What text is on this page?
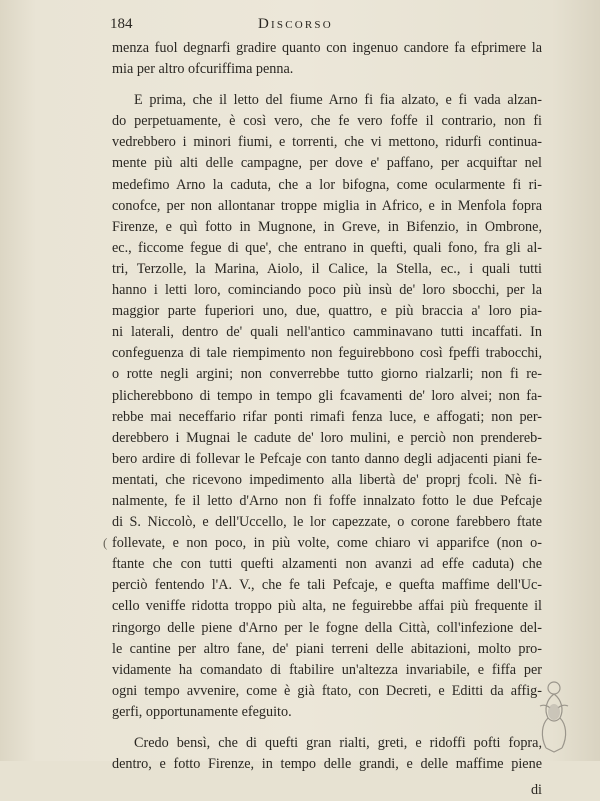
184	Discorso
menza fuol degnarfi gradire quanto con ingenuo candore fa efprimere la
mia per altro ofcuriffima penna.
E prima, che il letto del fiume Arno fi fia alzato, e fi vada alzan-
do perpetuamente, è così vero, che fe vero foffe il contrario, non fi
vedrebbero i minori fiumi, e torrenti, che vi mettono, ridurfi continua-
mente più alti delle campagne, per dove e' paffano, per acquiftar nel
medefimo Arno la caduta, che a lor bifogna, come ocularmente fi ri-
conofce, per non allontanar troppe miglia in Africo, e in Menfola fopra
Firenze, e quì fotto in Mugnone, in Greve, in Bifenzio, in Ombrone,
ec., ficcome fegue di que', che entrano in quefti, quali fono, fra gli al-
tri, Terzolle, la Marina, Aiolo, il Calice, la Stella, ec., i quali tutti
hanno i letti loro, cominciando poco più insù de' loro sbocchi, per la
maggior parte fuperiori uno, due, quattro, e più braccia a' loro pia-
ni laterali, dentro de' quali nell'antico camminavano tutti incaffati. In
confeguenza di tale riempimento non feguirebbono così fpeffi trabocchi,
o rotte negli argini; non converrebbe tutto giorno rialzarli; non fi re-
plicherebbono di tempo in tempo gli fcavamenti de' loro alvei; non fa-
rebbe mai neceffario rifar ponti rimafi fenza luce, e affogati; non per-
derebbero i Mugnai le cadute de' loro mulini, e perciò non prendereb-
bero ardire di follevar le Pefcaje con tanto danno degli adjacenti piani fe-
mentati, che ricevono impedimento alla libertà de' proprj fcoli. Nè fi-
nalmente, fe il letto d'Arno non fi foffe innalzato fotto le due Pefcaje
di S. Niccolò, e dell'Uccello, le lor capezzate, o corone farebbero ftate
follevate, e non poco, in più volte, come chiaro vi apparifce (non o-
ftante che con tutti quefti alzamenti non avanzi ad effe caduta) che
perciò fentendo l'A. V., che fe tali Pefcaje, e quefta maffime dell'Uc-
cello veniffe ridotta troppo più alta, ne feguirebbe affai più frequente il
ringorgo delle piene d'Arno per le fogne della Città, coll'infezione del-
le cantine per altro fane, de' piani terreni delle abitazioni, molto pro-
vidamente ha comandato di ftabilire un'altezza invariabile, e fiffa per
ogni tempo avvenire, come è già ftato, con Decreti, e Editti da affig-
gerfi, opportunamente efeguito.
Credo bensì, che di quefti gran rialti, greti, e ridoffi pofti fopra,
dentro, e fotto Firenze, in tempo delle grandi, e delle maffime piene
di
(
